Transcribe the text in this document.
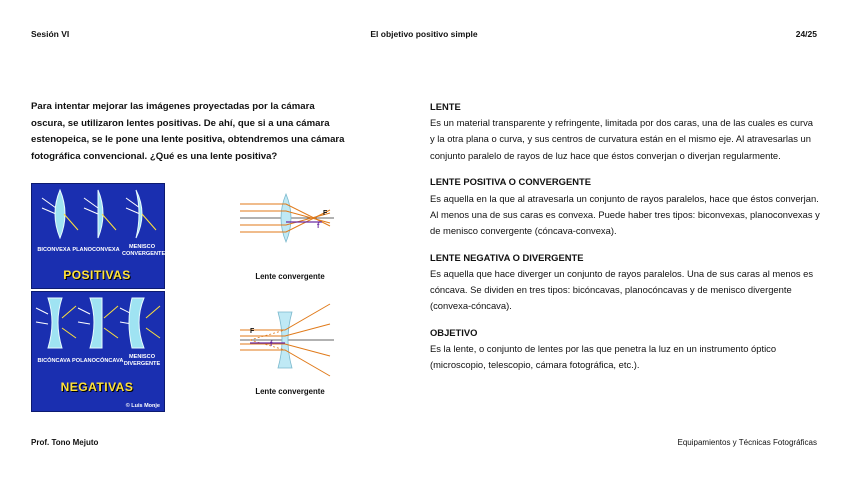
Sesión VI	El objetivo positivo simple	24/25
Para intentar mejorar las imágenes proyectadas por la cámara oscura, se utilizaron lentes positivas. De ahí, que si a una cámara estenopeica, se le pone una lente positiva, obtendremos una cámara fotográfica convencional. ¿Qué es una lente positiva?
LENTE
Es un material transparente y refringente, limitada por dos caras, una de las cuales es curva y la otra plana o curva, y sus centros de curvatura están en el mismo eje. Al atravesarlas un conjunto paralelo de rayos de luz hace que éstos converjan o diverjan regularmente.
LENTE POSITIVA O CONVERGENTE
Es aquella en la que al atravesarla un conjunto de rayos paralelos, hace que éstos converjan. Al menos una de sus caras es convexa. Puede haber tres tipos: biconvexas, planoconvexas y de menisco convergente (cóncava-convexa).
LENTE NEGATIVA O DIVERGENTE
Es aquella que hace diverger un conjunto de rayos paralelos. Una de sus caras al menos es cóncava. Se dividen en tres tipos: bicóncavas, planocóncavas y de menisco divergente (convexa-cóncava).
OBJETIVO
Es la lente, o conjunto de lentes por las que penetra la luz en un instrumento óptico (microscopio, telescopio, cámara fotográfica, etc.).
BICONVEXA PLANOCONVEXA	MENISCO CONVERGENTE
POSITIVAS
BICÓNCAVA POLANOCÓNCAVA
MENISCO DIVERGENTE
NEGATIVAS
© Luis Monje
F
f
Lente convergente
F
f
Lente convergente
Prof. Tono Mejuto	Equipamientos y Técnicas Fotográficas
